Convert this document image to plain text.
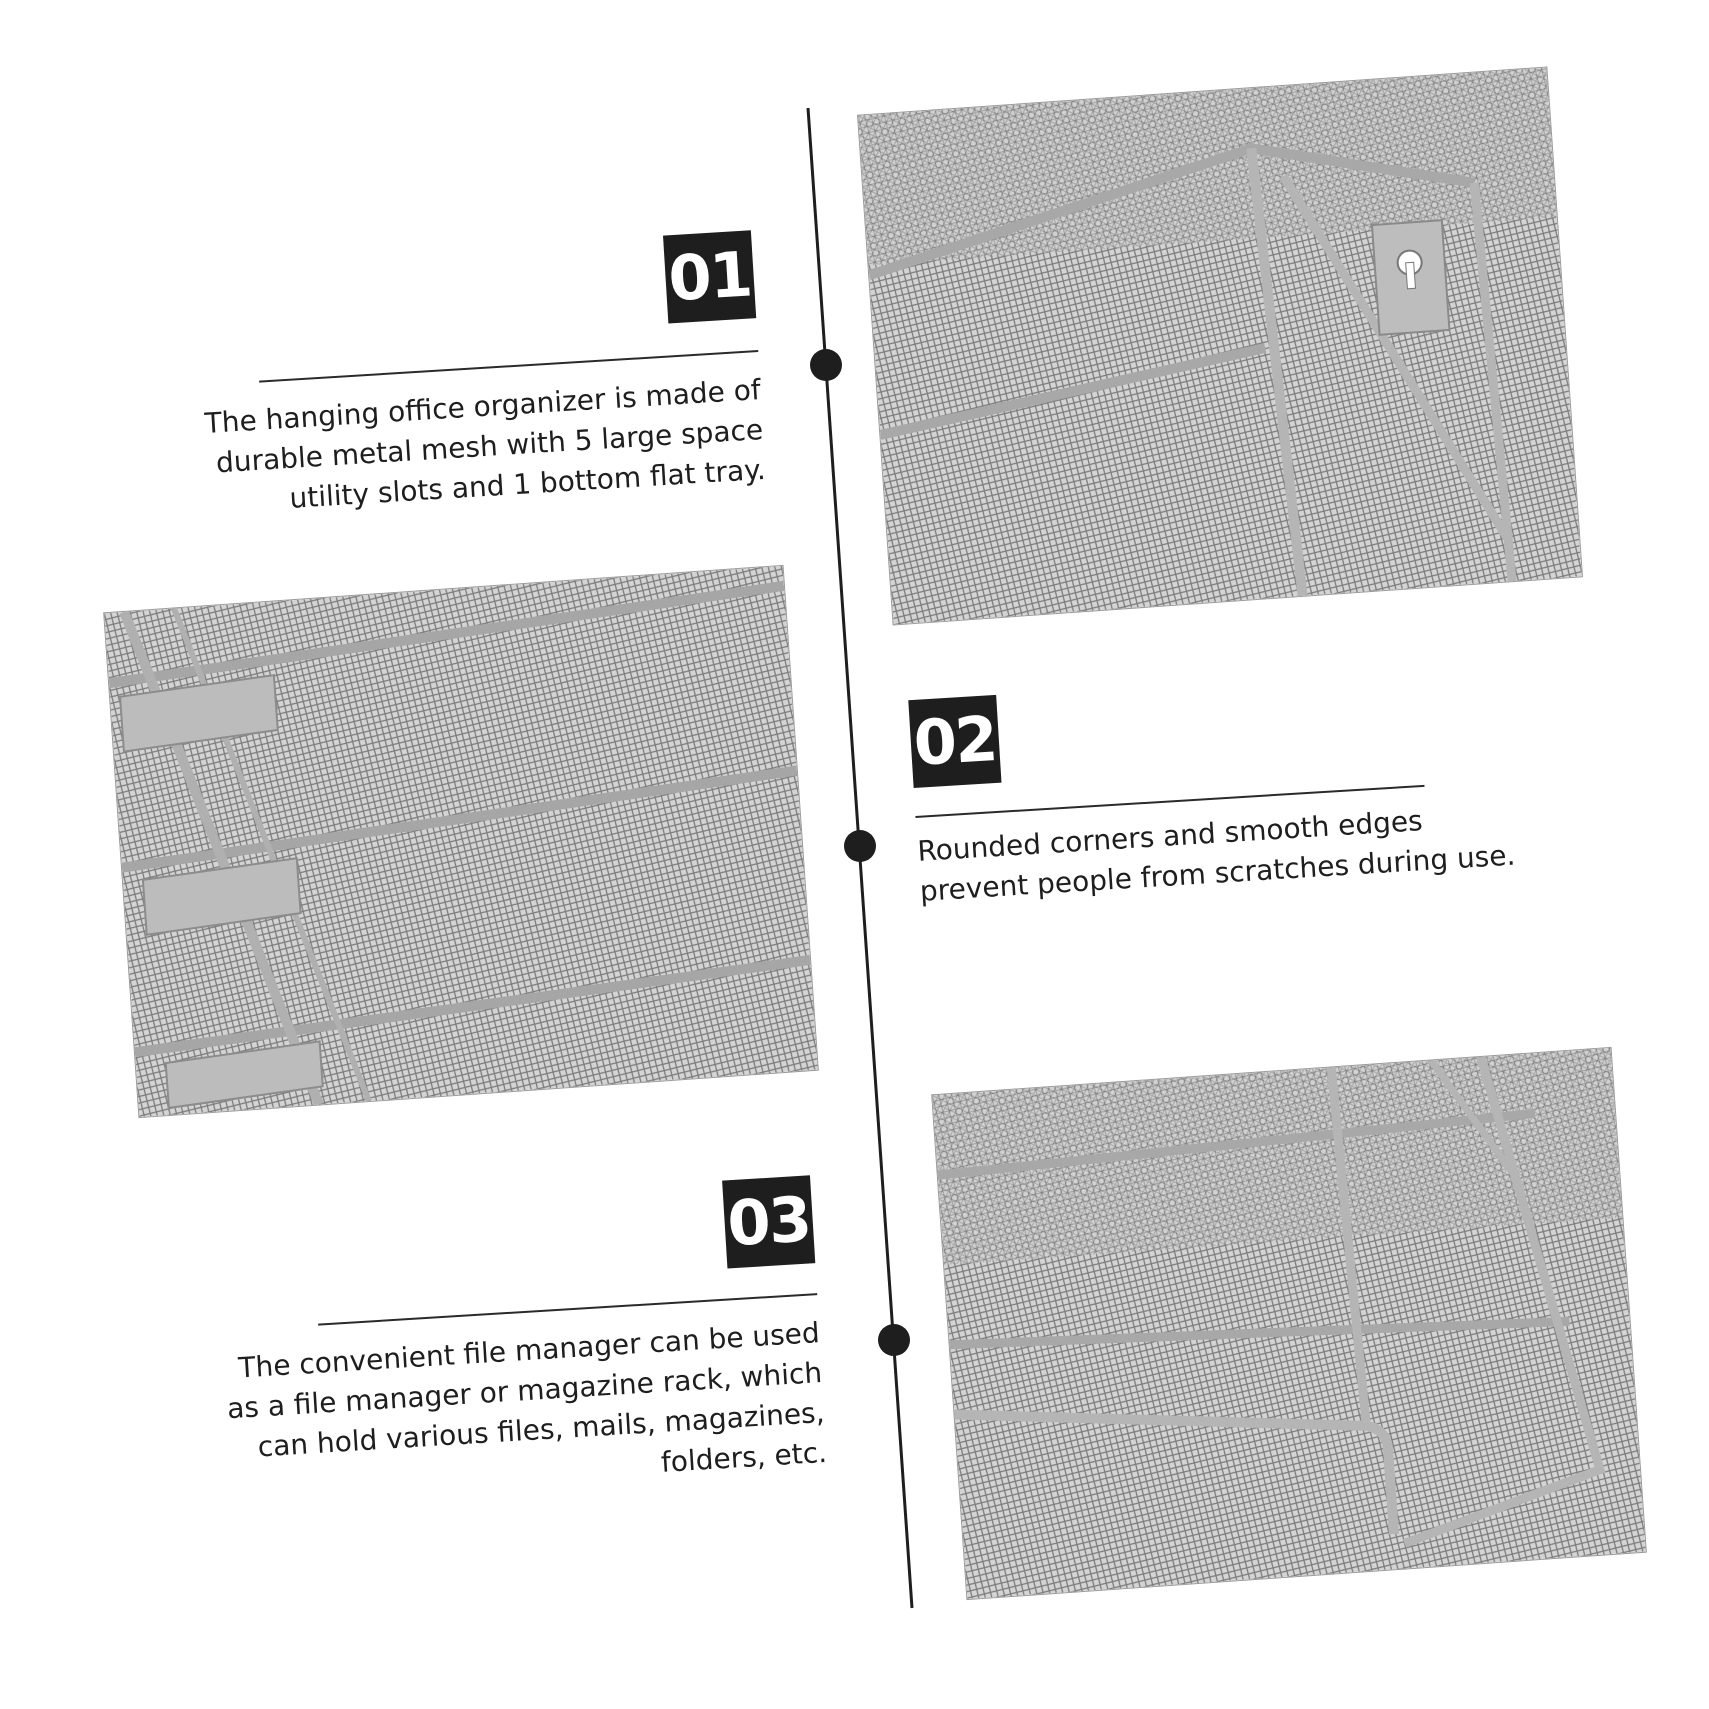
01
The hanging office organizer is made of durable metal mesh with 5 large space utility slots and 1 bottom flat tray.
02
Rounded corners and smooth edges prevent people from scratches during use.
03
The convenient file manager can be used as a file manager or magazine rack, which can hold various files, mails, magazines, folders, etc.
